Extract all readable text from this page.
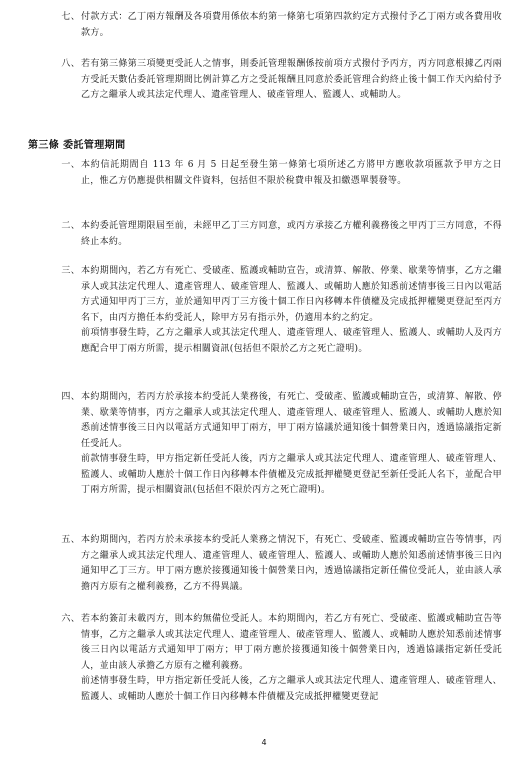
七、 付款方式：乙丁兩方報酬及各項費用係依本約第一條第七項第四款約定方式撥付予乙丁兩方或各費用收款方。

八、 若有第三條第三項變更受託人之情事，則委託管理報酬係按前項方式撥付予丙方，丙方同意根據乙丙兩方受託天數佔委託管理期間比例計算乙方之受託報酬且同意於委託管理合約終止後十個工作天內給付予乙方之繼承人或其法定代理人、遺產管理人、破產管理人、監護人、或輔助人。

第三條 委託管理期間
一、 本約信託期間自 113 年 6 月 5 日起至發生第一條第七項所述乙方將甲方應收款項匯款予甲方之日止，惟乙方仍應提供相關文件資料，包括但不限於稅費申報及扣繳憑單製發等。

二、 本約委託管理期限屆至前，未經甲乙丁三方同意，或丙方承接乙方權利義務後之甲丙丁三方同意，不得終止本約。

三、 本約期間內，若乙方有死亡、受破產、監護或輔助宣告，或清算、解散、停業、歇業等情事，乙方之繼承人或其法定代理人、遺產管理人、破產管理人、監護人、或輔助人應於知悉前述情事後三日內以電話方式通知甲丙丁三方，並於通知甲丙丁三方後十個工作日內移轉本件債權及完成抵押權變更登記至丙方名下，由丙方擔任本約受託人，除甲方另有指示外，仍適用本約之約定。

前項情事發生時，乙方之繼承人或其法定代理人、遺產管理人、破產管理人、監護人、或輔助人及丙方應配合甲丁兩方所需，提示相關資訊(包括但不限於乙方之死亡證明)。

四、 本約期間內，若丙方於承接本約受託人業務後，有死亡、受破產、監護或輔助宣告，或清算、解散、停業、歇業等情事，丙方之繼承人或其法定代理人、遺產管理人、破產管理人、監護人、或輔助人應於知悉前述情事後三日內以電話方式通知甲丁兩方，甲丁兩方協議於通知後十個營業日內，透過協議指定新任受託人。

前款情事發生時，甲方指定新任受託人後，丙方之繼承人或其法定代理人、遺產管理人、破產管理人、監護人、或輔助人應於十個工作日內移轉本件債權及完成抵押權變更登記至新任受託人名下，並配合甲丁兩方所需，提示相關資訊(包括但不限於丙方之死亡證明)。

五、 本約期間內，若丙方於未承接本約受託人業務之情況下，有死亡、受破產、監護或輔助宣告等情事，丙方之繼承人或其法定代理人、遺產管理人、破產管理人、監護人、或輔助人應於知悉前述情事後三日內通知甲乙丁三方。甲丁兩方應於接獲通知後十個營業日內，透過協議指定新任備位受託人，並由該人承擔丙方原有之權利義務，乙方不得異議。

六、 若本約簽訂未載丙方，則本約無備位受託人。本約期間內，若乙方有死亡、受破產、監護或輔助宣告等情事，乙方之繼承人或其法定代理人、遺產管理人、破產管理人、監護人、或輔助人應於知悉前述情事後三日內以電話方式通知甲丁兩方；甲丁兩方應於接獲通知後十個營業日內，透過協議指定新任受託人，並由該人承擔乙方原有之權利義務。

前述情事發生時，甲方指定新任受託人後，乙方之繼承人或其法定代理人、遺產管理人、破產管理人、監護人、或輔助人應於十個工作日內移轉本件債權及完成抵押權變更登記

4
